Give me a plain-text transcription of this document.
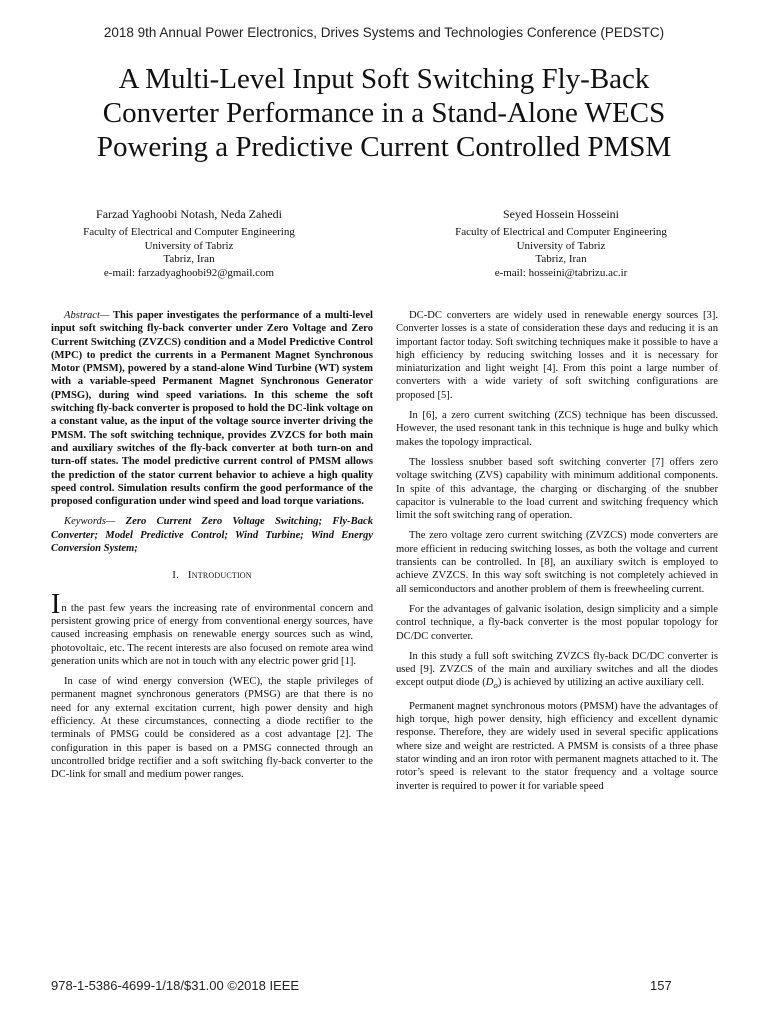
2018 9th Annual Power Electronics, Drives Systems and Technologies Conference (PEDSTC)
A Multi-Level Input Soft Switching Fly-Back
Converter Performance in a Stand-Alone WECS
Powering a Predictive Current Controlled PMSM
Farzad Yaghoobi Notash, Neda Zahedi
Faculty of Electrical and Computer Engineering
University of Tabriz
Tabriz, Iran
e-mail: farzadyaghoobi92@gmail.com
Seyed Hossein Hosseini
Faculty of Electrical and Computer Engineering
University of Tabriz
Tabriz, Iran
e-mail: hosseini@tabrizu.ac.ir

Abstract— This paper investigates the performance of a multi-level input soft switching fly-back converter under Zero Voltage and Zero Current Switching (ZVZCS) condition and a Model Predictive Control (MPC) to predict the currents in a Permanent Magnet Synchronous Motor (PMSM), powered by a stand-alone Wind Turbine (WT) system with a variable-speed Permanent Magnet Synchronous Generator (PMSG), during wind speed variations. In this scheme the soft switching fly-back converter is proposed to hold the DC-link voltage on a constant value, as the input of the voltage source inverter driving the PMSM. The soft switching technique, provides ZVZCS for both main and auxiliary switches of the fly-back converter at both turn-on and turn-off states. The model predictive current control of PMSM allows the prediction of the stator current behavior to achieve a high quality speed control. Simulation results confirm the good performance of the proposed configuration under wind speed and load torque variations.

Keywords— Zero Current Zero Voltage Switching; Fly-Back Converter; Model Predictive Control; Wind Turbine; Wind Energy Conversion System;

I. Introduction

In the past few years the increasing rate of environmental concern and persistent growing price of energy from conventional energy sources, have caused increasing emphasis on renewable energy sources such as wind, photovoltaic, etc. The recent interests are also focused on remote area wind generation units which are not in touch with any electric power grid [1].

In case of wind energy conversion (WEC), the staple privileges of permanent magnet synchronous generators (PMSG) are that there is no need for any external excitation current, high power density and high efficiency. At these circumstances, connecting a diode rectifier to the terminals of PMSG could be considered as a cost advantage [2]. The configuration in this paper is based on a PMSG connected through an uncontrolled bridge rectifier and a soft switching fly-back converter to the DC-link for small and medium power ranges.

DC-DC converters are widely used in renewable energy sources [3]. Converter losses is a state of consideration these days and reducing it is an important factor today. Soft switching techniques make it possible to have a high efficiency by reducing switching losses and it is necessary for miniaturization and light weight [4]. From this point a large number of converters with a wide variety of soft switching configurations are proposed [5].

In [6], a zero current switching (ZCS) technique has been discussed. However, the used resonant tank in this technique is huge and bulky which makes the topology impractical.

The lossless snubber based soft switching converter [7] offers zero voltage switching (ZVS) capability with minimum additional components. In spite of this advantage, the charging or discharging of the snubber capacitor is vulnerable to the load current and switching frequency which limit the soft switching rang of operation.

The zero voltage zero current switching (ZVZCS) mode converters are more efficient in reducing switching losses, as both the voltage and current transients can be controlled. In [8], an auxiliary switch is employed to achieve ZVZCS. In this way soft switching is not completely achieved in all semiconductors and another problem of them is freewheeling current.

For the advantages of galvanic isolation, design simplicity and a simple control technique, a fly-back converter is the most popular topology for DC/DC converter.

In this study a full soft switching ZVZCS fly-back DC/DC converter is used [9]. ZVZCS of the main and auxiliary switches and all the diodes except output diode $(D_o)$ is achieved by utilizing an active auxiliary cell.

Permanent magnet synchronous motors (PMSM) have the advantages of high torque, high power density, high efficiency and excellent dynamic response. Therefore, they are widely used in several specific applications where size and weight are restricted. A PMSM is consists of a three phase stator winding and an iron rotor with permanent magnets attached to it. The rotor’s speed is relevant to the stator frequency and a voltage source inverter is required to power it for variable speed

978-1-5386-4699-1/18/$31.00 ©2018 IEEE	157
